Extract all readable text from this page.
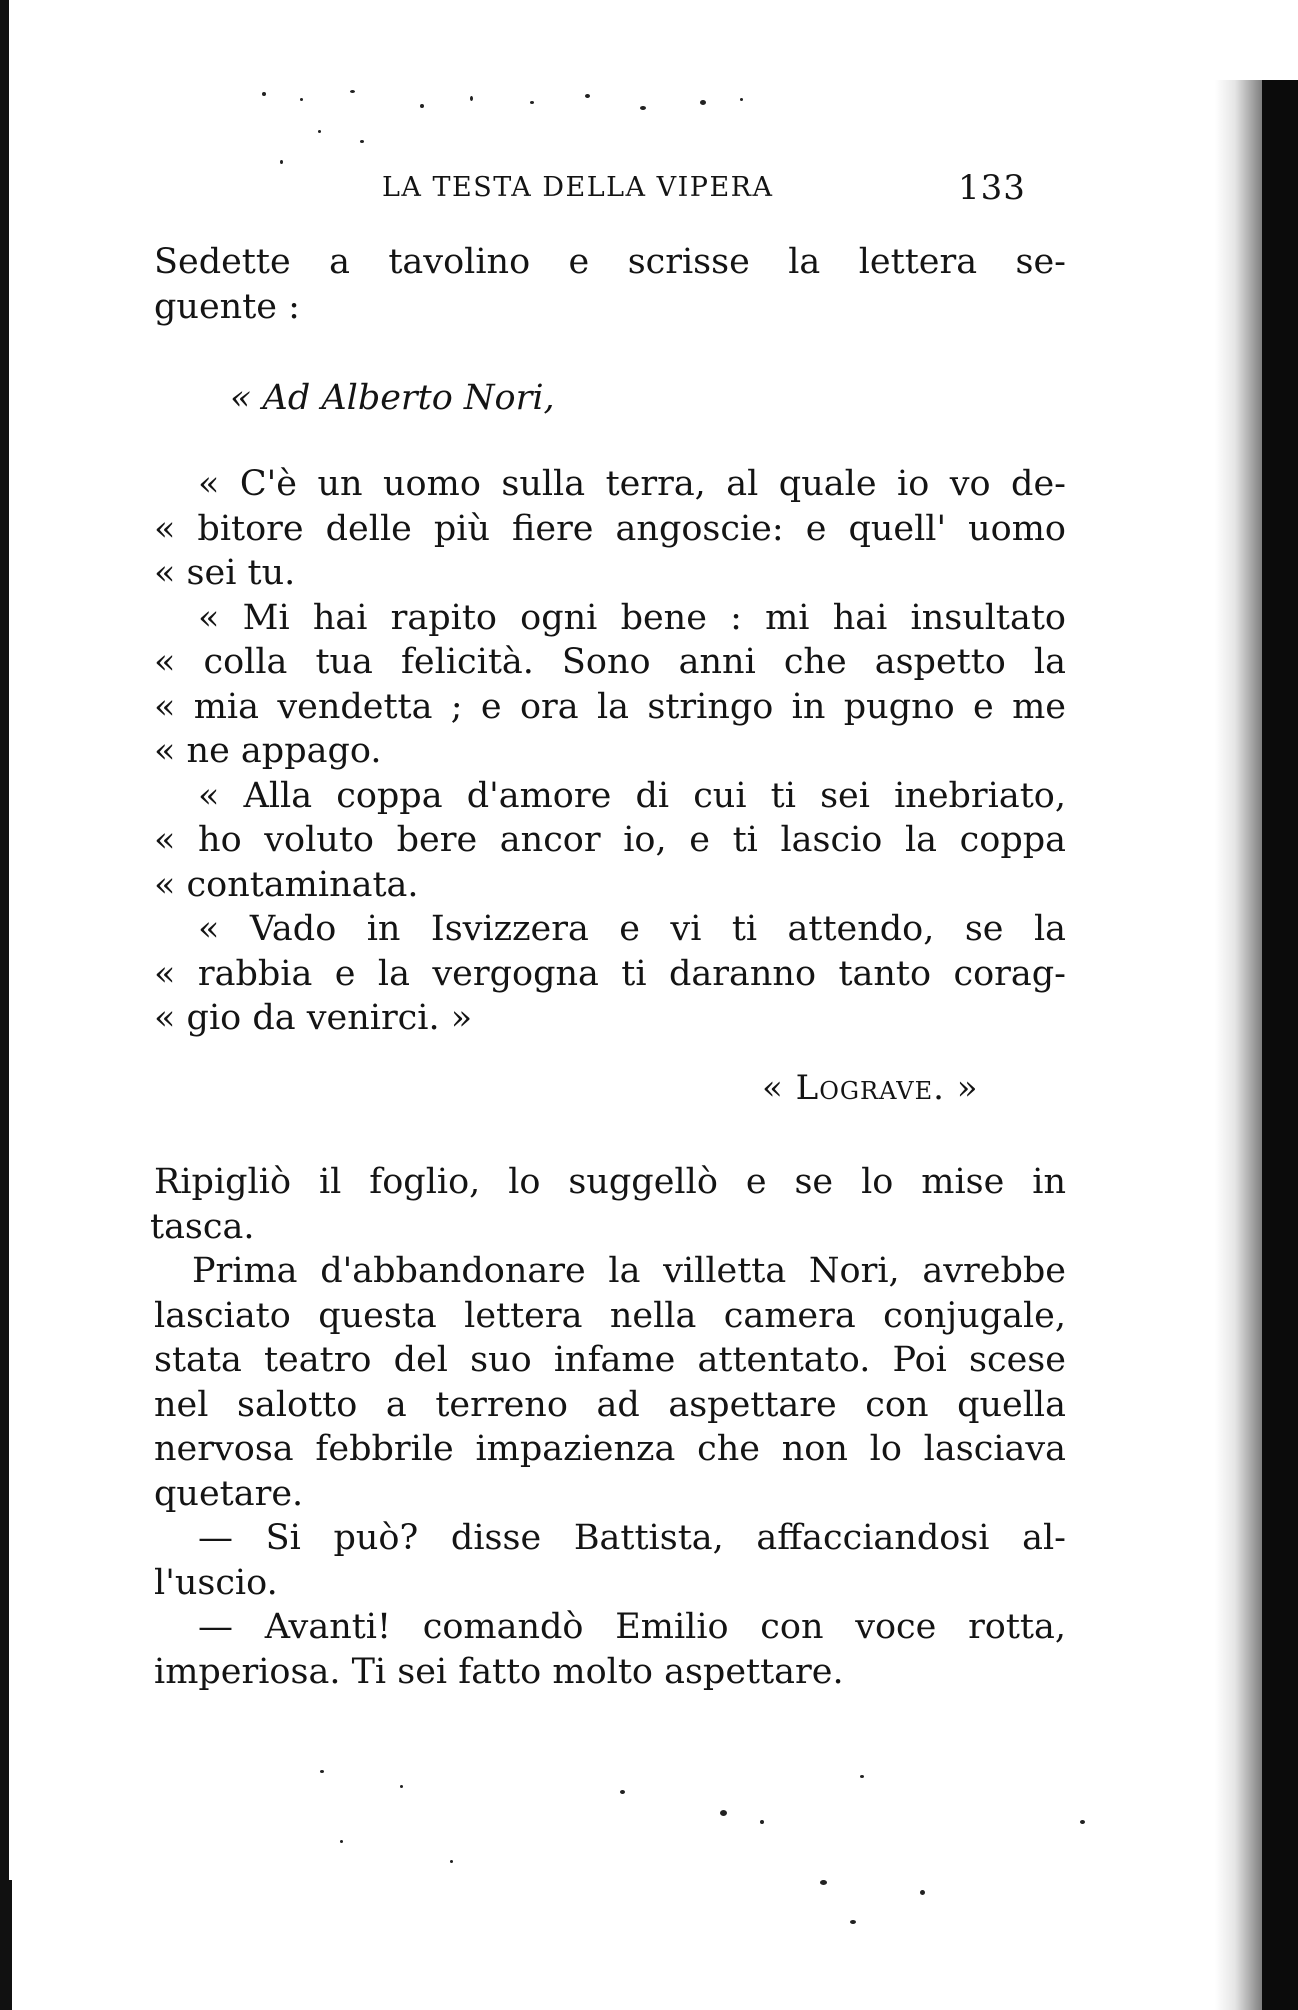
LA TESTA DELLA VIPERA	133
Sedette a tavolino e scrisse la lettera se-
guente :
« Ad Alberto Nori,
« C'è un uomo sulla terra, al quale io vo de-
« bitore delle più fiere angoscie: e quell' uomo
« sei tu.
« Mi hai rapito ogni bene : mi hai insultato
« colla tua felicità. Sono anni che aspetto la
« mia vendetta ; e ora la stringo in pugno e me
« ne appago.
« Alla coppa d'amore di cui ti sei inebriato,
« ho voluto bere ancor io, e ti lascio la coppa
« contaminata.
« Vado in Isvizzera e vi ti attendo, se la
« rabbia e la vergogna ti daranno tanto corag-
« gio da venirci. »
« Lograve. »
Ripigliò il foglio, lo suggellò e se lo mise in
tasca.
Prima d'abbandonare la villetta Nori, avrebbe
lasciato questa lettera nella camera conjugale,
stata teatro del suo infame attentato. Poi scese
nel salotto a terreno ad aspettare con quella
nervosa febbrile impazienza che non lo lasciava
quetare.
— Si può? disse Battista, affacciandosi al-
l'uscio.
— Avanti! comandò Emilio con voce rotta,
imperiosa. Ti sei fatto molto aspettare.
